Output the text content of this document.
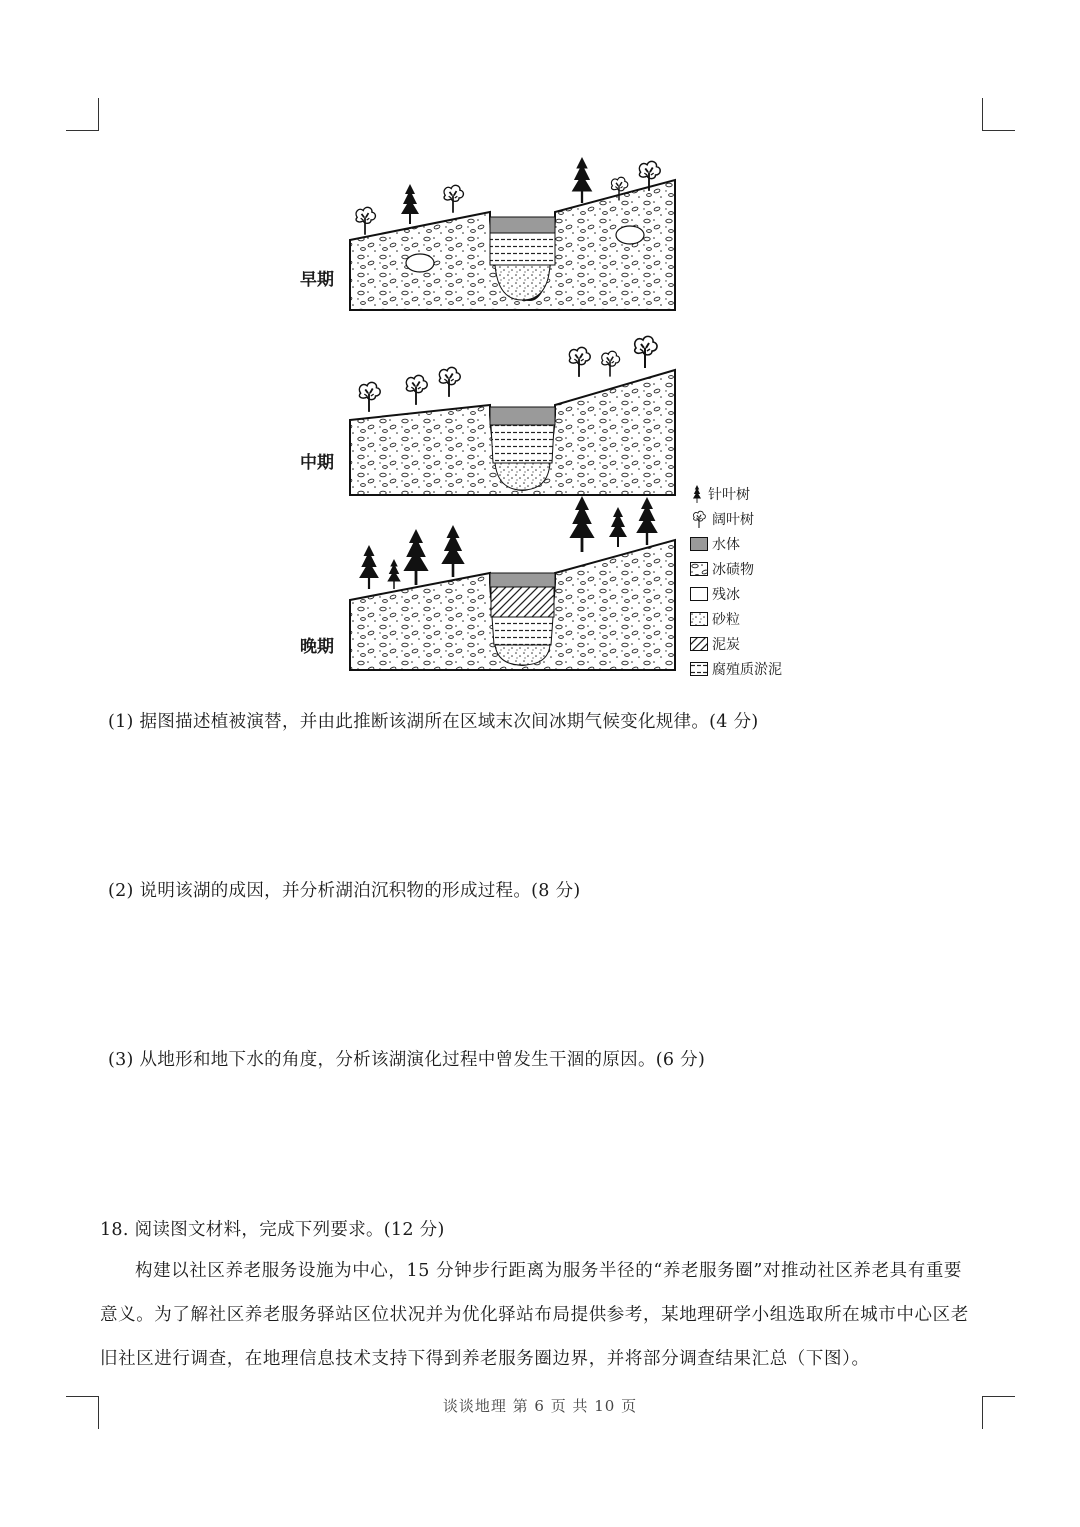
早期
中期
晚期
针叶树
阔叶树
水体
冰碛物
残冰
砂粒
泥炭
腐殖质淤泥
(1) 据图描述植被演替，并由此推断该湖所在区域末次间冰期气候变化规律。(4 分)
(2) 说明该湖的成因，并分析湖泊沉积物的形成过程。(8 分)
(3) 从地形和地下水的角度，分析该湖演化过程中曾发生干涸的原因。(6 分)
18. 阅读图文材料，完成下列要求。(12 分)
构建以社区养老服务设施为中心，15 分钟步行距离为服务半径的“养老服务圈”对推动社区养老具有重要意义。为了解社区养老服务驿站区位状况并为优化驿站布局提供参考，某地理研学小组选取所在城市中心区老旧社区进行调查，在地理信息技术支持下得到养老服务圈边界，并将部分调查结果汇总（下图）。
谈谈地理 第 6 页 共 10 页
